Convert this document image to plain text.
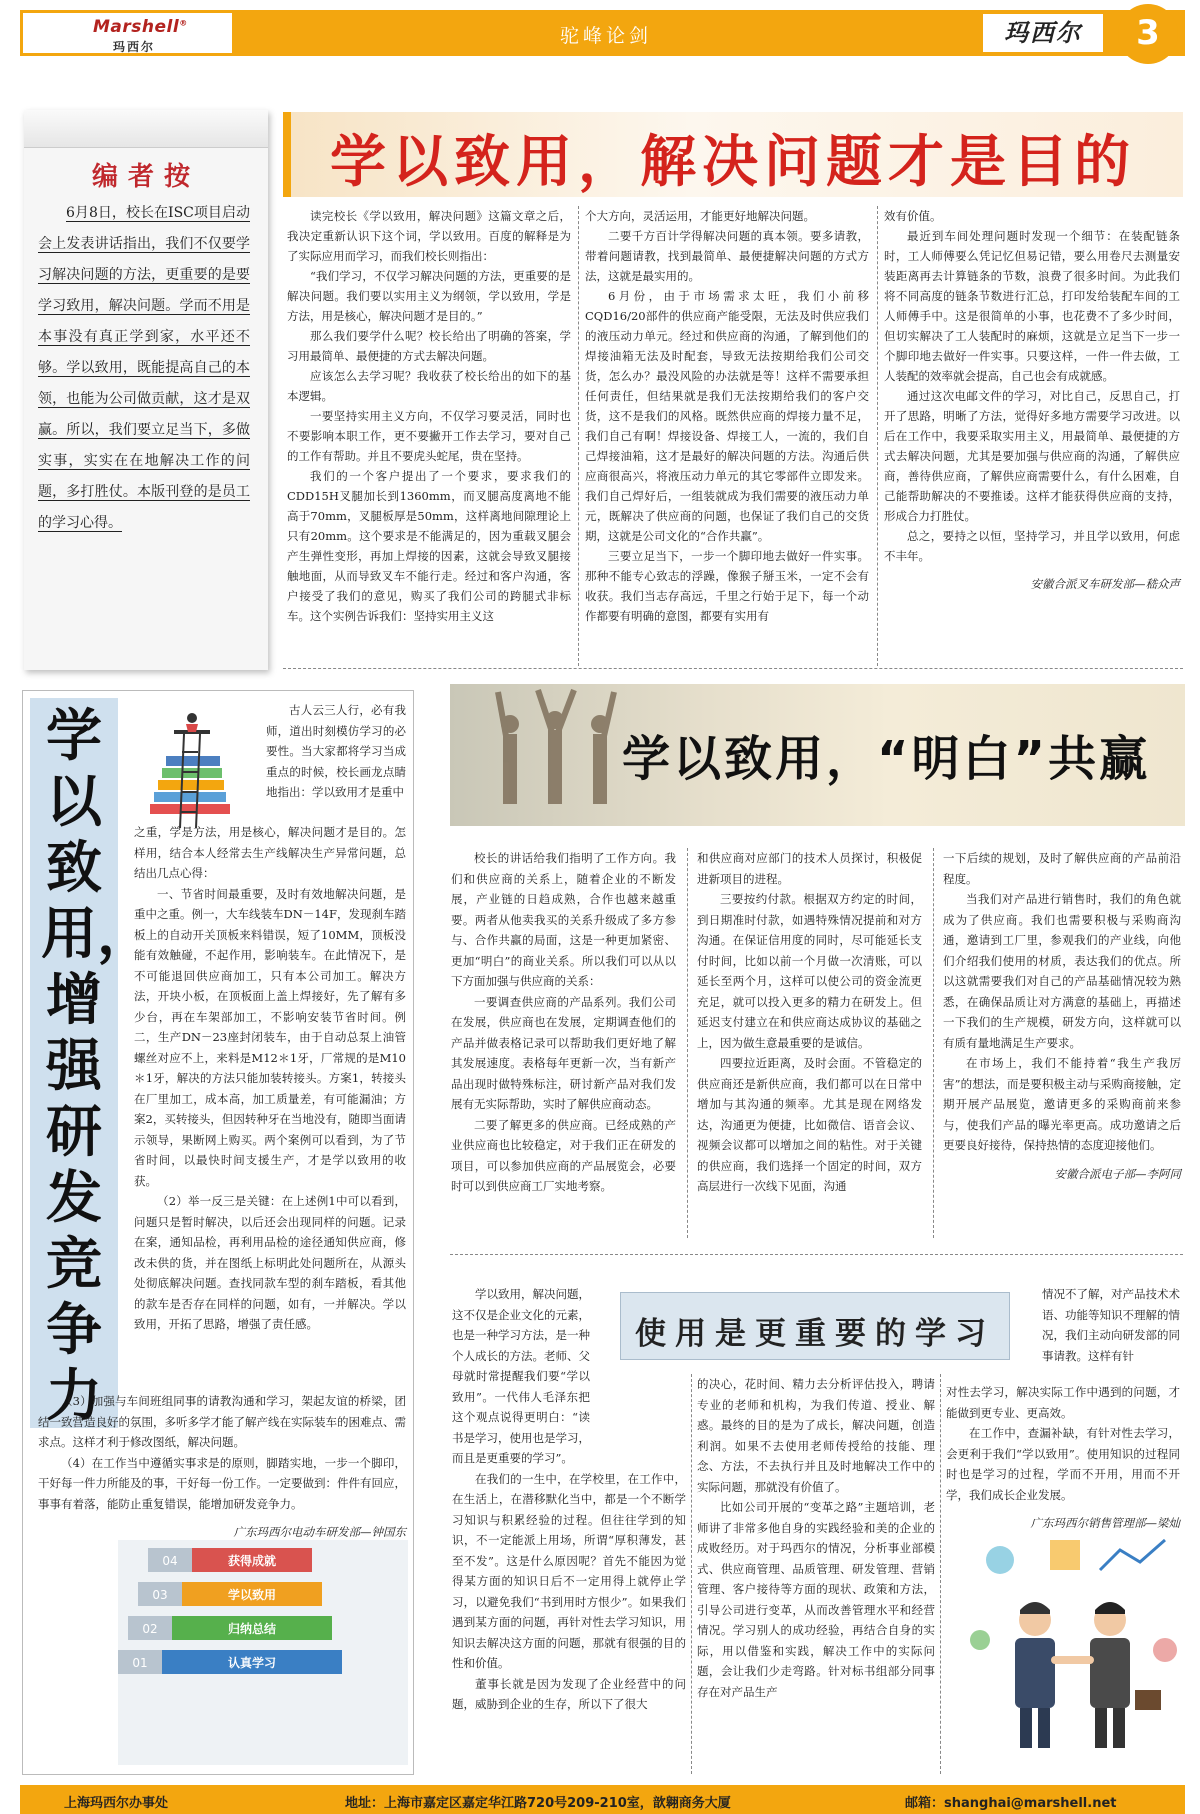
Marshell®
玛西尔	驼峰论剑	玛西尔	3
编者按
6月8日，校长在ISC项目启动会上发表讲话指出，我们不仅要学习解决问题的方法，更重要的是要学习致用，解决问题。学而不用是本事没有真正学到家，水平还不够。学以致用，既能提高自己的本领，也能为公司做贡献，这才是双赢。所以，我们要立足当下，多做实事，实实在在地解决工作的问题，多打胜仗。本版刊登的是员工的学习心得。
学以致用，解决问题才是目的

读完校长《学以致用，解决问题》这篇文章之后，我决定重新认识下这个词，学以致用。百度的解释是为了实际应用而学习，而我们校长则指出：

“我们学习，不仅学习解决问题的方法，更重要的是解决问题。我们要以实用主义为纲领，学以致用，学是方法，用是核心，解决问题才是目的。”

那么我们要学什么呢？校长给出了明确的答案，学习用最简单、最便捷的方式去解决问题。

应该怎么去学习呢？我收获了校长给出的如下的基本逻辑。

一要坚持实用主义方向，不仅学习要灵活，同时也不要影响本职工作，更不要撇开工作去学习，要对自己的工作有帮助。并且不要虎头蛇尾，贵在坚持。

我们的一个客户提出了一个要求，要求我们的CDD15H叉腿加长到1360mm，而叉腿高度离地不能高于70mm，叉腿板厚是50mm，这样离地间隙理论上只有20mm。这个要求是不能满足的，因为重载叉腿会产生弹性变形，再加上焊接的因素，这就会导致叉腿接触地面，从而导致叉车不能行走。经过和客户沟通，客户接受了我们的意见，购买了我们公司的跨腿式非标车。这个实例告诉我们：坚持实用主义这

个大方向，灵活运用，才能更好地解决问题。

二要千方百计学得解决问题的真本领。要多请教，带着问题请教，找到最简单、最便捷解决问题的方式方法，这就是最实用的。

6月份，由于市场需求太旺，我们小前移CQD16/20部件的供应商产能受限，无法及时供应我们的液压动力单元。经过和供应商的沟通，了解到他们的焊接油箱无法及时配套，导致无法按期给我们公司交货，怎么办？最没风险的办法就是等！这样不需要承担任何责任，但结果就是我们无法按期给我们的客户交货，这不是我们的风格。既然供应商的焊接力量不足，我们自己有啊！焊接设备、焊接工人，一流的，我们自己焊接油箱，这才是最好的解决问题的方法。沟通后供应商很高兴，将液压动力单元的其它零部件立即发来。我们自己焊好后，一组装就成为我们需要的液压动力单元，既解决了供应商的问题，也保证了我们自己的交货期，这就是公司文化的“合作共赢”。

三要立足当下，一步一个脚印地去做好一件实事。那种不能专心致志的浮躁，像猴子掰玉米，一定不会有收获。我们当志存高远，千里之行始于足下，每一个动作都要有明确的意图，都要有实用有

效有价值。

最近到车间处理问题时发现一个细节：在装配链条时，工人师傅要么凭记忆但易记错，要么用卷尺去测量安装距离再去计算链条的节数，浪费了很多时间。为此我们将不同高度的链条节数进行汇总，打印发给装配车间的工人师傅手中。这是很简单的小事，也花费不了多少时间，但切实解决了工人装配时的麻烦，这就是立足当下一步一个脚印地去做好一件实事。只要这样，一件一件去做，工人装配的效率就会提高，自己也会有成就感。

通过这次电邮文件的学习，对比自己，反思自己，打开了思路，明晰了方法，觉得好多地方需要学习改进。以后在工作中，我要采取实用主义，用最简单、最便捷的方式去解决问题，尤其是要加强与供应商的沟通，了解供应商，善待供应商，了解供应商需要什么，有什么困难，自己能帮助解决的不要推诿。这样才能获得供应商的支持，形成合力打胜仗。

总之，要持之以恒，坚持学习，并且学以致用，何虑不丰年。

安徽合派叉车研发部—嵇众声
学以致用，增强研发竞争力
古人云三人行，必有我师，道出时刻模仿学习的必要性。当大家都将学习当成重点的时候，校长画龙点睛地指出：学以致用才是重中

之重，学是方法，用是核心，解决问题才是目的。怎样用，结合本人经常去生产线解决生产异常问题，总结出几点心得：

一、节省时间最重要，及时有效地解决问题，是重中之重。例一，大车线装车DN－14F，发现刹车踏板上的自动开关顶板来料错误，短了10MM，顶板没能有效触碰，不起作用，影响装车。在此情况下，是不可能退回供应商加工，只有本公司加工。解决方法，开块小板，在顶板面上盖上焊接好，先了解有多少台，再在车架部加工，不影响安装节省时间。例二，生产DN－23座封闭装车，由于自动总泵上油管螺丝对应不上，来料是M12＊1牙，厂常规的是M10＊1牙，解决的方法只能加装转接头。方案1，转接头在厂里加工，成本高，加工质量差，有可能漏油；方案2，买转接头，但因转种牙在当地没有，随即当面请示领导，果断网上购买。两个案例可以看到，为了节省时间，以最快时间支援生产，才是学以致用的收获。

（2）举一反三是关键：在上述例1中可以看到，问题只是暂时解决，以后还会出现同样的问题。记录在案，通知品检，再利用品检的途径通知供应商，修改未供的货，并在图纸上标明此处问题所在，从源头处彻底解决问题。查找同款车型的刹车踏板，看其他的款车是否存在同样的问题，如有，一并解决。学以致用，开拓了思路，增强了责任感。

（3）加强与车间班组同事的请教沟通和学习，架起友谊的桥梁，团结一致营造良好的氛围，多听多学才能了解产线在实际装车的困难点、需求点。这样才利于修改图纸，解决问题。

（4）在工作当中遵循实事求是的原则，脚踏实地，一步一个脚印，干好每一件力所能及的事，干好每一份工作。一定要做到：件件有回应，事事有着落，能防止重复错误，能增加研发竞争力。

广东玛西尔电动车研发部—钟国东
04	获得成就
03	学以致用
02	归纳总结
01	认真学习
学以致用，“明白”共赢

校长的讲话给我们指明了工作方向。我们和供应商的关系上，随着企业的不断发展，产业链的日趋成熟，合作也越来越重要。两者从他卖我买的关系升级成了多方参与、合作共赢的局面，这是一种更加紧密、更加“明白”的商业关系。所以我们可以从以下方面加强与供应商的关系：

一要调查供应商的产品系列。我们公司在发展，供应商也在发展，定期调查他们的产品并做表格记录可以帮助我们更好地了解其发展速度。表格每年更新一次，当有新产品出现时做特殊标注，研讨新产品对我们发展有无实际帮助，实时了解供应商动态。

二要了解更多的供应商。已经成熟的产业供应商也比较稳定，对于我们正在研发的项目，可以参加供应商的产品展览会，必要时可以到供应商工厂实地考察。

和供应商对应部门的技术人员探讨，积极促进新项目的进程。

三要按约付款。根据双方约定的时间，到日期准时付款，如遇特殊情况提前和对方沟通。在保证信用度的同时，尽可能延长支付时间，比如以前一个月做一次清账，可以延长至两个月，这样可以使公司的资金流更充足，就可以投入更多的精力在研发上。但延迟支付建立在和供应商达成协议的基础之上，因为做生意最重要的是诚信。

四要拉近距离，及时会面。不管稳定的供应商还是新供应商，我们都可以在日常中增加与其沟通的频率。尤其是现在网络发达，沟通更为便捷，比如微信、语音会议、视频会议都可以增加之间的粘性。对于关键的供应商，我们选择一个固定的时间，双方高层进行一次线下见面，沟通

一下后续的规划，及时了解供应商的产品前沿程度。

当我们对产品进行销售时，我们的角色就成为了供应商。我们也需要积极与采购商沟通，邀请到工厂里，参观我们的产业线，向他们介绍我们使用的材质，表达我们的优点。所以这就需要我们对自己的产品基础情况较为熟悉，在确保品质让对方满意的基础上，再描述一下我们的生产规模，研发方向，这样就可以有质有量地满足生产要求。

在市场上，我们不能持着“我生产我厉害”的想法，而是要积极主动与采购商接触，定期开展产品展览，邀请更多的采购商前来参与，使我们产品的曝光率更高。成功邀请之后更要良好接待，保持热情的态度迎接他们。

安徽合派电子部—李阿同
使用是更重要的学习

学以致用，解决问题，这不仅是企业文化的元素，也是一种学习方法，是一种个人成长的方法。老师、父母就时常提醒我们要“学以致用”。一代伟人毛泽东把这个观点说得更明白：“读书是学习，使用也是学习，而且是更重要的学习”。

在我们的一生中，在学校里，在工作中，在生活上，在潜移默化当中，都是一个不断学习知识与积累经验的过程。但往往学到的知识，不一定能派上用场，所谓“厚积薄发，甚至不发”。这是什么原因呢？首先不能因为觉得某方面的知识日后不一定用得上就停止学习，以避免我们“书到用时方恨少”。如果我们遇到某方面的问题，再针对性去学习知识，用知识去解决这方面的问题，那就有很强的目的性和价值。

董事长就是因为发现了企业经营中的问题，威胁到企业的生存，所以下了很大

的决心，花时间、精力去分析评估投入，聘请专业的老师和机构，为我们传道、授业、解惑。最终的目的是为了成长，解决问题，创造利润。如果不去使用老师传授给的技能、理念、方法，不去执行并且及时地解决工作中的实际问题，那就没有价值了。

比如公司开展的“变革之路”主题培训，老师讲了非常多他自身的实践经验和美的企业的成败经历。对于玛西尔的情况，分析事业部模式、供应商管理、品质管理、研发管理、营销管理、客户接待等方面的现状、政策和方法，引导公司进行变革，从而改善管理水平和经营情况。学习别人的成功经验，再结合自身的实际，用以借鉴和实践，解决工作中的实际问题，会让我们少走弯路。针对标书组部分同事存在对产品生产

情况不了解，对产品技术术语、功能等知识不理解的情况，我们主动向研发部的同事请教。这样有针

对性去学习，解决实际工作中遇到的问题，才能做到更专业、更高效。

在工作中，查漏补缺，有针对性去学习，会更利于我们“学以致用”。使用知识的过程同时也是学习的过程，学而不开用，用而不开学，我们成长企业发展。

广东玛西尔销售管理部—梁灿
上海玛西尔办事处	地址：上海市嘉定区嘉定华江路720号209-210室，歆翱商务大厦	邮箱：shanghai@marshell.net
